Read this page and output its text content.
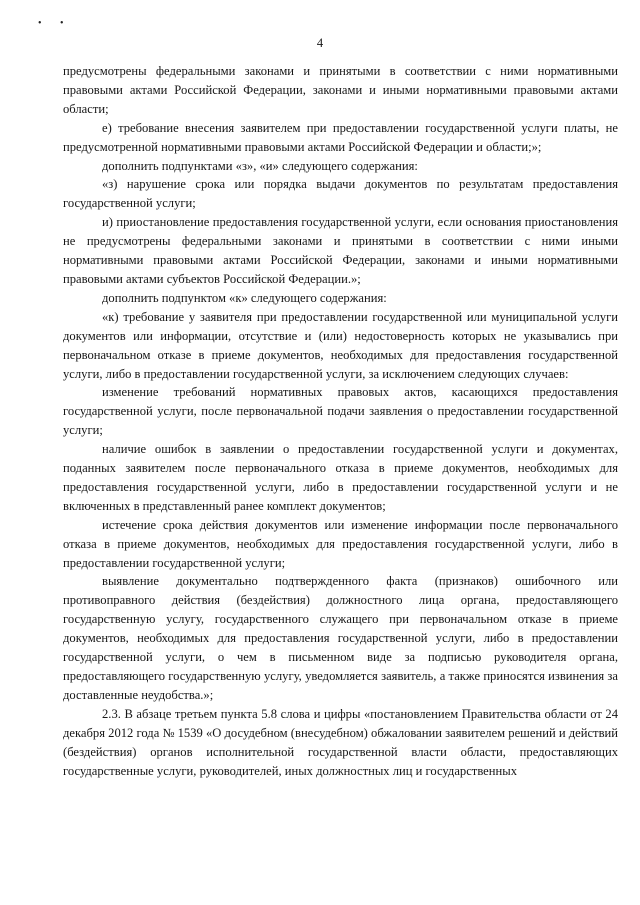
• •
4

предусмотрены федеральными законами и принятыми в соответствии с ними нормативными правовыми актами Российской Федерации, законами и иными нормативными правовыми актами области;

е) требование внесения заявителем при предоставлении государственной услуги платы, не предусмотренной нормативными правовыми актами Российской Федерации и области;»;

дополнить подпунктами «з», «и» следующего содержания:

«з) нарушение срока или порядка выдачи документов по результатам предоставления государственной услуги;

и) приостановление предоставления государственной услуги, если основания приостановления не предусмотрены федеральными законами и принятыми в соответствии с ними иными нормативными правовыми актами Российской Федерации, законами и иными нормативными правовыми актами субъектов Российской Федерации.»;

дополнить подпунктом «к» следующего содержания:

«к) требование у заявителя при предоставлении государственной или муниципальной услуги документов или информации, отсутствие и (или) недостоверность которых не указывались при первоначальном отказе в приеме документов, необходимых для предоставления государственной услуги, либо в предоставлении государственной услуги, за исключением следующих случаев:

изменение требований нормативных правовых актов, касающихся предоставления государственной услуги, после первоначальной подачи заявления о предоставлении государственной услуги;

наличие ошибок в заявлении о предоставлении государственной услуги и документах, поданных заявителем после первоначального отказа в приеме документов, необходимых для предоставления государственной услуги, либо в предоставлении государственной услуги и не включенных в представленный ранее комплект документов;

истечение срока действия документов или изменение информации после первоначального отказа в приеме документов, необходимых для предоставления государственной услуги, либо в предоставлении государственной услуги;

выявление документально подтвержденного факта (признаков) ошибочного или противоправного действия (бездействия) должностного лица органа, предоставляющего государственную услугу, государственного служащего при первоначальном отказе в приеме документов, необходимых для предоставления государственной услуги, либо в предоставлении государственной услуги, о чем в письменном виде за подписью руководителя органа, предоставляющего государственную услугу, уведомляется заявитель, а также приносятся извинения за доставленные неудобства.»;

2.3. В абзаце третьем пункта 5.8 слова и цифры «постановлением Правительства области от 24 декабря 2012 года № 1539 «О досудебном (внесудебном) обжаловании заявителем решений и действий (бездействия) органов исполнительной государственной власти области, предоставляющих государственные услуги, руководителей, иных должностных лиц и государственных
